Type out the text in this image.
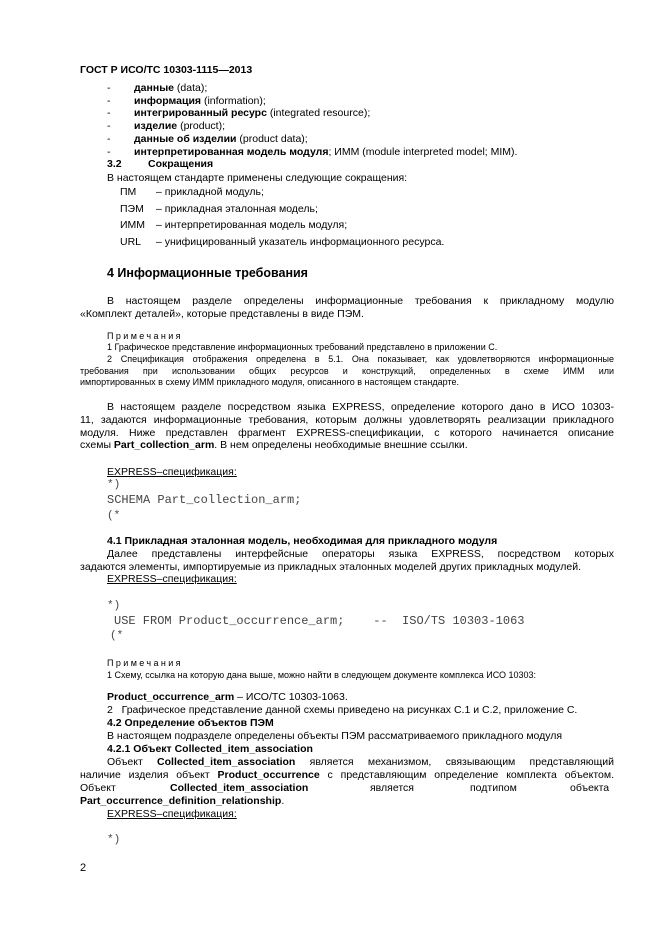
ГОСТ Р ИСО/ТС 10303-1115—2013
- данные (data);
- информация (information);
- интегрированный ресурс (integrated resource);
- изделие (product);
- данные об изделии (product data);
- интерпретированная модель модуля; ИММ (module interpreted model; MIM).
3.2	Сокращения
В настоящем стандарте применены следующие сокращения:
ПМ – прикладной модуль;
ПЭМ – прикладная эталонная модель;
ИММ – интерпретированная модель модуля;
URL – унифицированный указатель информационного ресурса.
4 Информационные требования
В настоящем разделе определены информационные требования к прикладному модулю
«Комплект деталей», которые представлены в виде ПЭМ.
Примечания
1 Графическое представление информационных требований представлено в приложении С.
2 Спецификация отображения определена в 5.1. Она показывает, как удовлетворяются информационные
требования при использовании общих ресурсов и конструкций, определенных в схеме ИММ или
импортированных в схему ИММ прикладного модуля, описанного в настоящем стандарте.
В настоящем разделе посредством языка EXPRESS, определение которого дано в ИСО 10303-
11, задаются информационные требования, которым должны удовлетворять реализации прикладного
модуля. Ниже представлен фрагмент EXPRESS-спецификации, с которого начинается описание
схемы Part_collection_arm. В нем определены необходимые внешние ссылки.
EXPRESS–спецификация:
*)
SCHEMA Part_collection_arm;
(*
4.1 Прикладная эталонная модель, необходимая для прикладного модуля
Далее представлены интерфейсные операторы языка EXPRESS, посредством которых
задаются элементы, импортируемые из прикладных эталонных моделей других прикладных модулей.
EXPRESS–спецификация:
*)
USE FROM Product_occurrence_arm;    --  ISO/TS 10303-1063
(*
Примечания
1 Схему, ссылка на которую дана выше, можно найти в следующем документе комплекса ИСО 10303:
Product_occurrence_arm – ИСО/ТС 10303-1063.
2   Графическое представление данной схемы приведено на рисунках С.1 и С.2, приложение С.
4.2 Определение объектов ПЭМ
В настоящем подразделе определены объекты ПЭМ рассматриваемого прикладного модуля
4.2.1 Объект Collected_item_association
Объект Collected_item_association является механизмом, связывающим представляющий
наличие изделия объект Product_occurrence с представляющим определение комплекта объектом.
Объект	Collected_item_association	является	подтипом	объекта
Part_occurrence_definition_relationship.
EXPRESS–спецификация:
*)
2
